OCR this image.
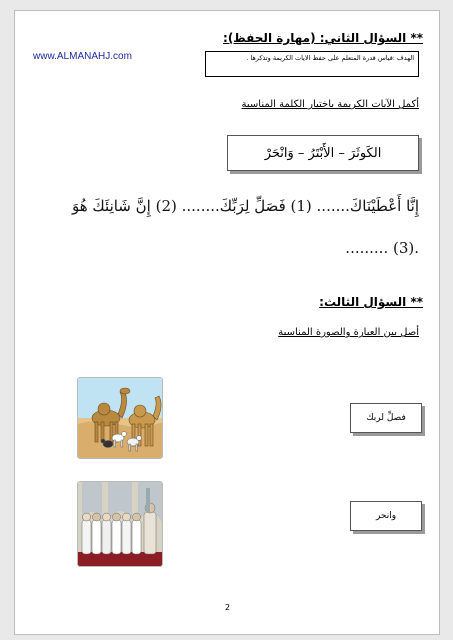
** السؤال الثاني: (مهارة الحفظ):
www.ALMANAHJ.com	الهدف :قياس قدرة المتعلم على حفظ الايات الكريمة وتذكرها .
أكمل الآيات الكريمة باختيار الكلمة المناسبة
الكَوثَرَ – الأَبْتَرُ – وَانْحَرْ
إِنَّا أَعْطَيْنَاكَ....... (1) فَصَلِّ لِرَبِّكَ........ (2) إِنَّ شَانِئَكَ هُوَ
......... (3).
** السؤال الثالث:
أصل بين العبارة والصورة المناسبة
فصلِّ لربك
وانحر
2
